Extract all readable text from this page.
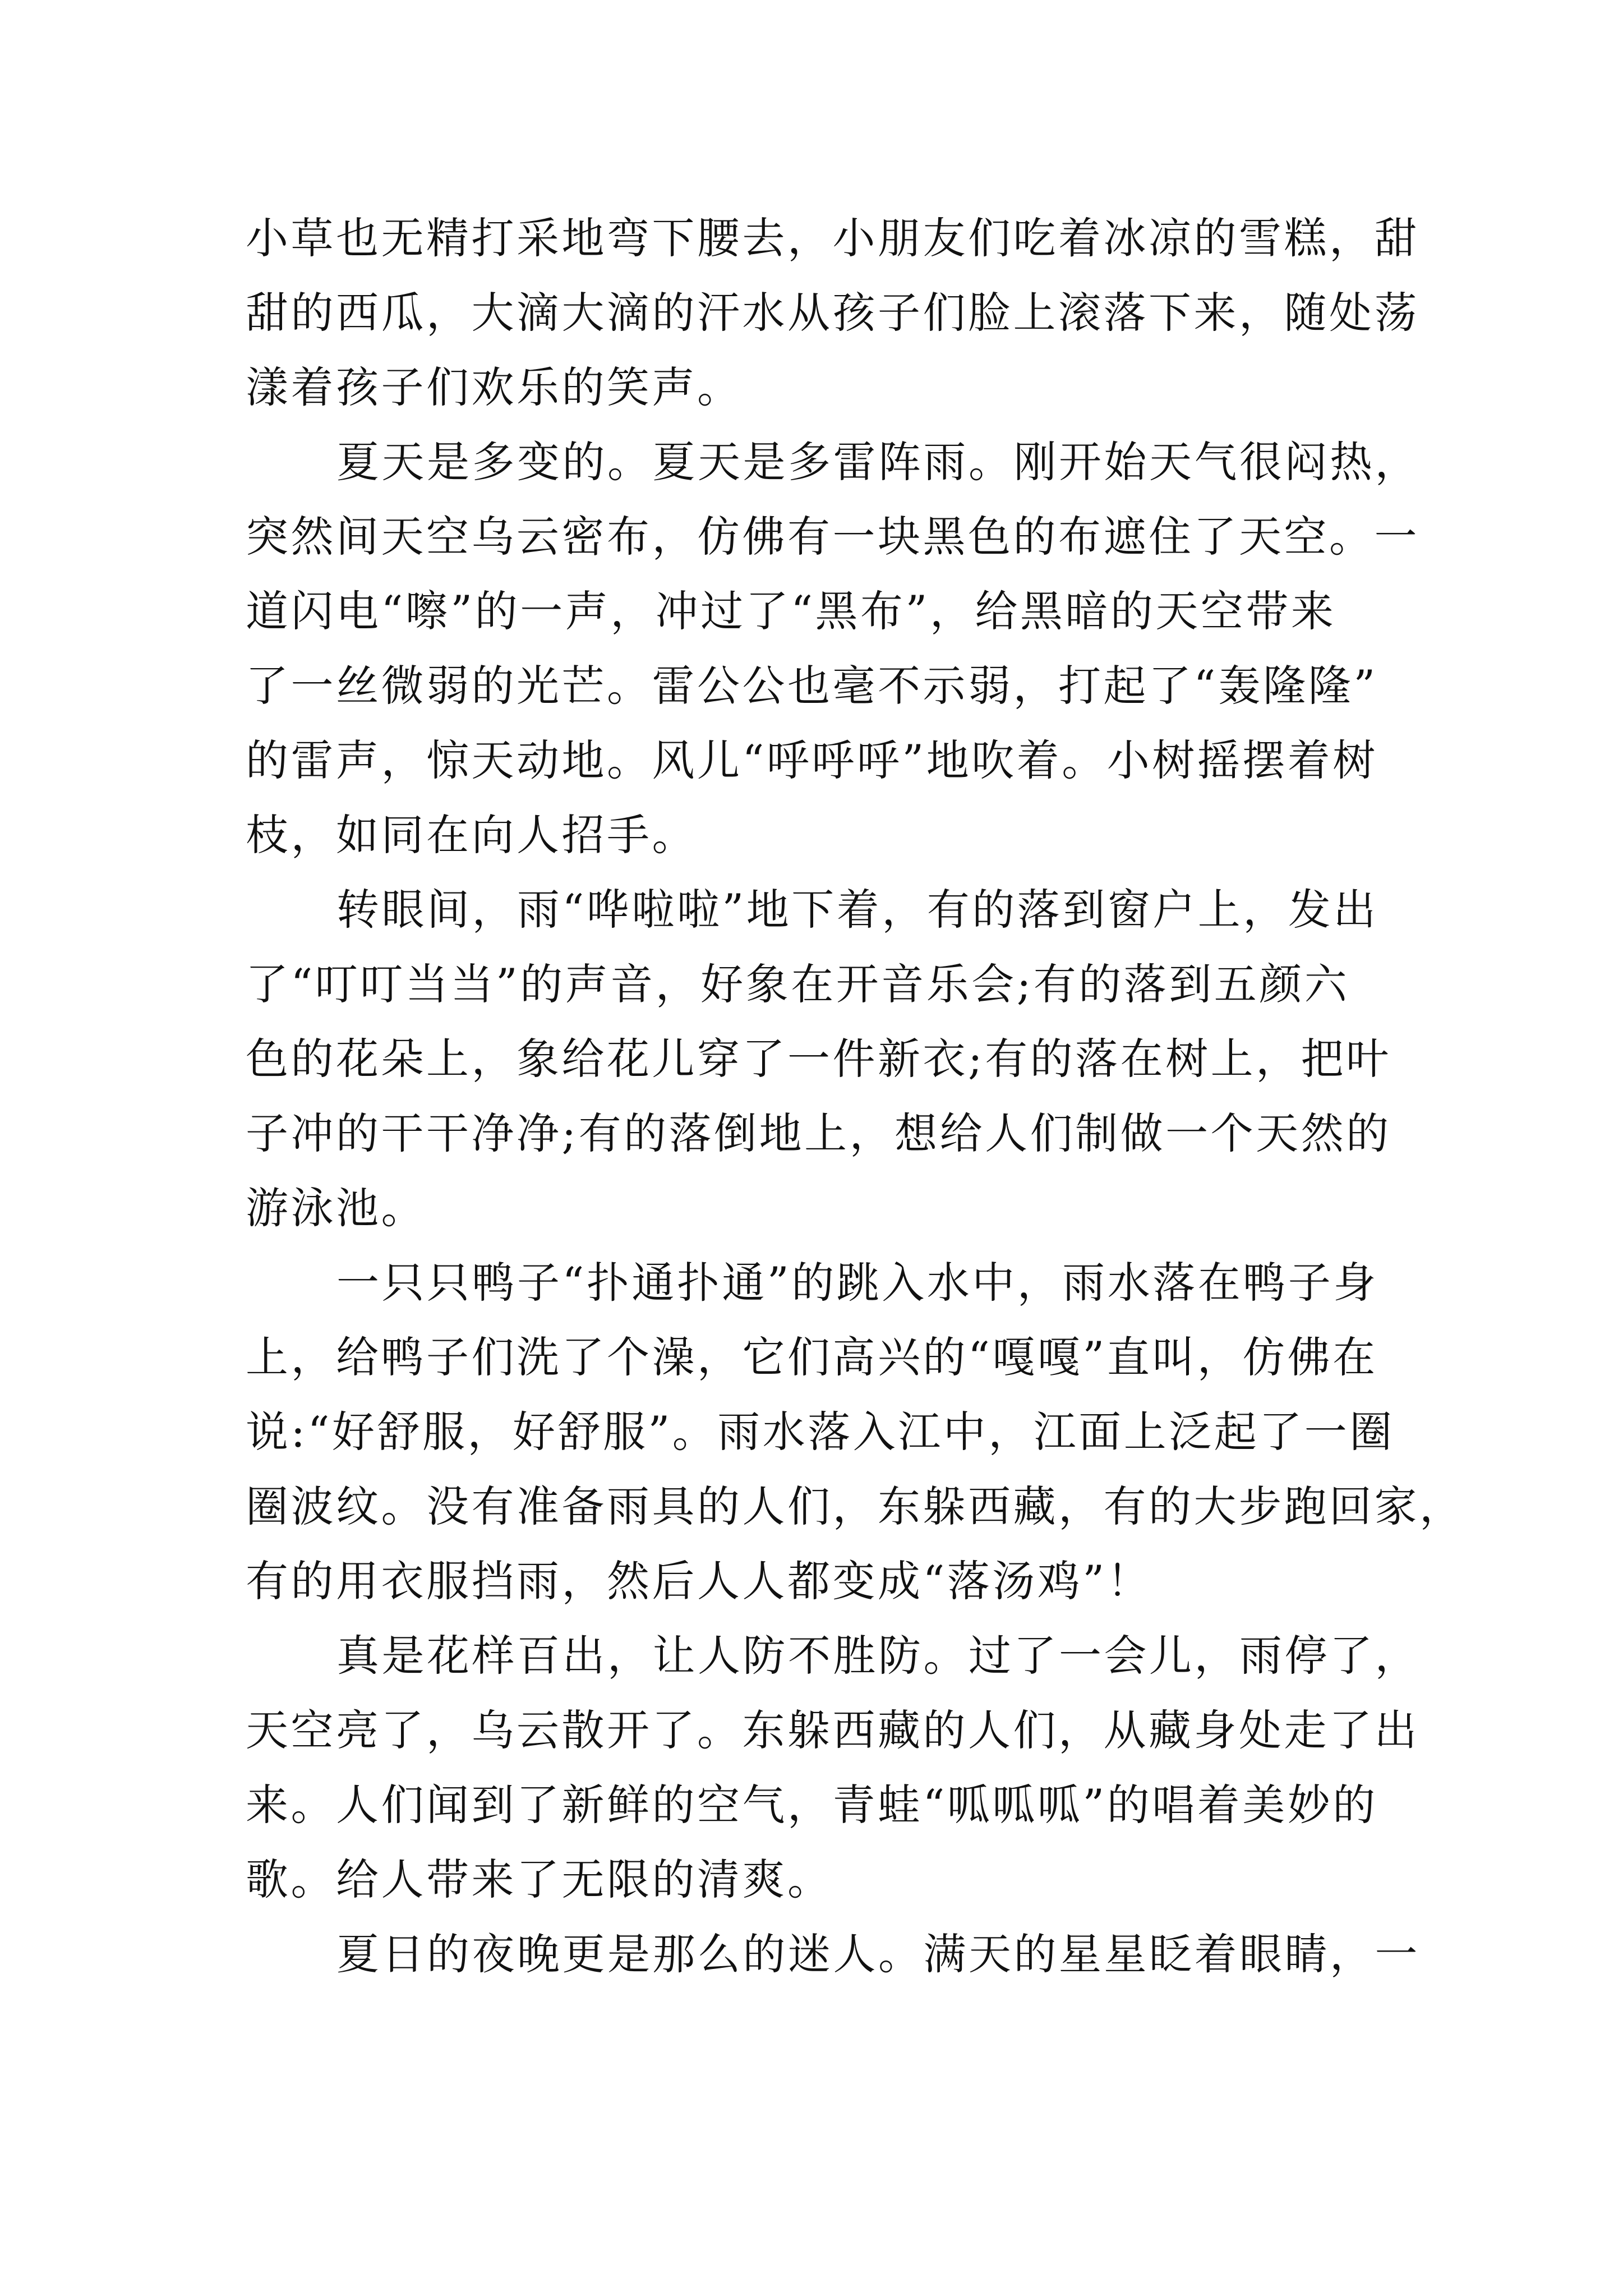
小草也无精打采地弯下腰去，小朋友们吃着冰凉的雪糕，甜
甜的西瓜，大滴大滴的汗水从孩子们脸上滚落下来，随处荡
漾着孩子们欢乐的笑声。
夏天是多变的。夏天是多雷阵雨。刚开始天气很闷热，
突然间天空乌云密布，仿佛有一块黑色的布遮住了天空。一
道闪电“嚓”的一声，冲过了“黑布”，给黑暗的天空带来
了一丝微弱的光芒。雷公公也毫不示弱，打起了“轰隆隆”
的雷声，惊天动地。风儿“呼呼呼”地吹着。小树摇摆着树
枝，如同在向人招手。
转眼间，雨“哗啦啦”地下着，有的落到窗户上，发出
了“叮叮当当”的声音，好象在开音乐会;有的落到五颜六
色的花朵上，象给花儿穿了一件新衣;有的落在树上，把叶
子冲的干干净净;有的落倒地上，想给人们制做一个天然的
游泳池。
一只只鸭子“扑通扑通”的跳入水中，雨水落在鸭子身
上，给鸭子们洗了个澡，它们高兴的“嘎嘎”直叫，仿佛在
说:“好舒服，好舒服”。雨水落入江中，江面上泛起了一圈
圈波纹。没有准备雨具的人们，东躲西藏，有的大步跑回家，
有的用衣服挡雨，然后人人都变成“落汤鸡”！
真是花样百出，让人防不胜防。过了一会儿，雨停了，
天空亮了，乌云散开了。东躲西藏的人们，从藏身处走了出
来。人们闻到了新鲜的空气，青蛙“呱呱呱”的唱着美妙的
歌。给人带来了无限的清爽。
夏日的夜晚更是那么的迷人。满天的星星眨着眼睛，一
